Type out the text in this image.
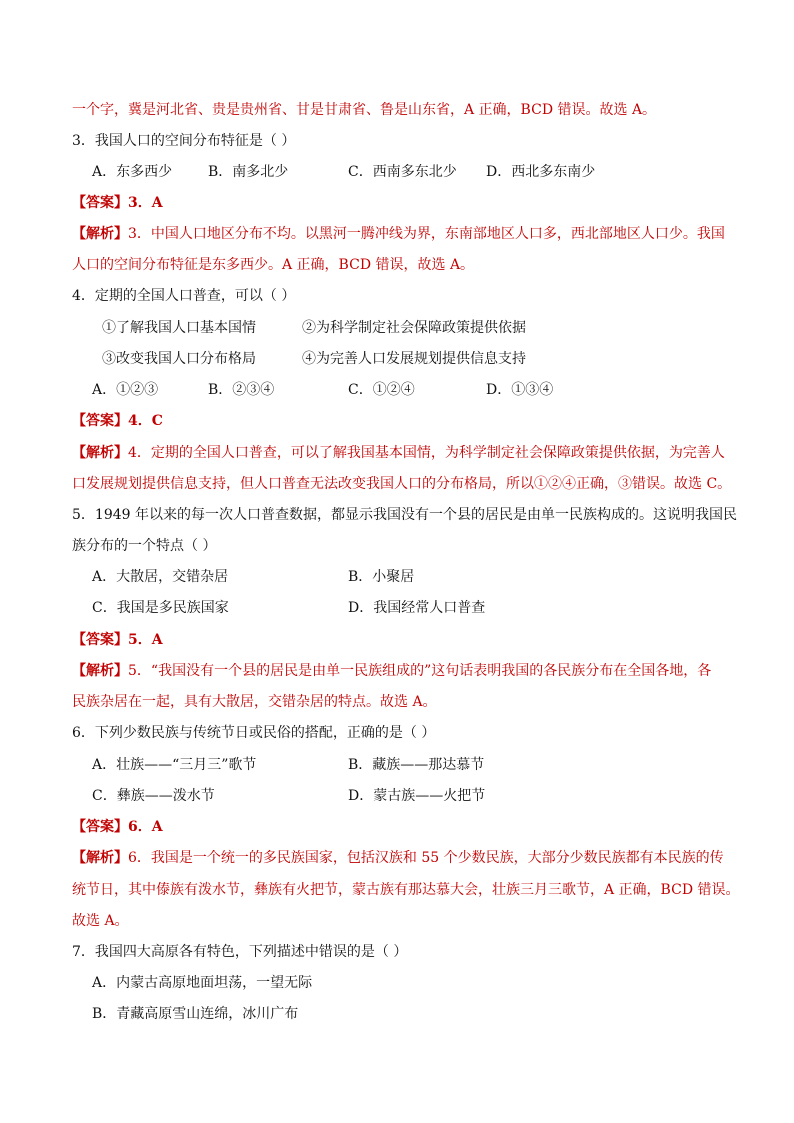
一个字，冀是河北省、贵是贵州省、甘是甘肃省、鲁是山东省，A 正确，BCD 错误。故选 A。
3．我国人口的空间分布特征是（ ）
A．东多西少	B．南多北少	C．西南多东北少 D．西北多东南少
【答案】3．A
【解析】3．中国人口地区分布不均。以黑河一腾冲线为界，东南部地区人口多，西北部地区人口少。我国
人口的空间分布特征是东多西少。A 正确，BCD 错误，故选 A。
4．定期的全国人口普查，可以（ ）
①了解我国人口基本国情	②为科学制定社会保障政策提供依据
③改变我国人口分布格局	④为完善人口发展规划提供信息支持
A．①②③	B．②③④	C．①②④	D．①③④
【答案】4．C
【解析】4．定期的全国人口普查，可以了解我国基本国情，为科学制定社会保障政策提供依据，为完善人
口发展规划提供信息支持，但人口普查无法改变我国人口的分布格局，所以①②④正确，③错误。故选 C。
5．1949 年以来的每一次人口普查数据，都显示我国没有一个县的居民是由单一民族构成的。这说明我国民
族分布的一个特点（ ）
A．大散居，交错杂居	B．小聚居
C．我国是多民族国家	D．我国经常人口普查
【答案】5．A
【解析】5．“我国没有一个县的居民是由单一民族组成的”这句话表明我国的各民族分布在全国各地，各
民族杂居在一起，具有大散居，交错杂居的特点。故选 A。
6．下列少数民族与传统节日或民俗的搭配，正确的是（ ）
A．壮族——“三月三”歌节	B．藏族——那达慕节
C．彝族——泼水节	D．蒙古族——火把节
【答案】6．A
【解析】6．我国是一个统一的多民族国家，包括汉族和 55 个少数民族，大部分少数民族都有本民族的传
统节日，其中傣族有泼水节，彝族有火把节，蒙古族有那达慕大会，壮族三月三歌节，A 正确，BCD 错误。
故选 A。
7．我国四大高原各有特色，下列描述中错误的是（ ）
A．内蒙古高原地面坦荡，一望无际
B．青藏高原雪山连绵，冰川广布
